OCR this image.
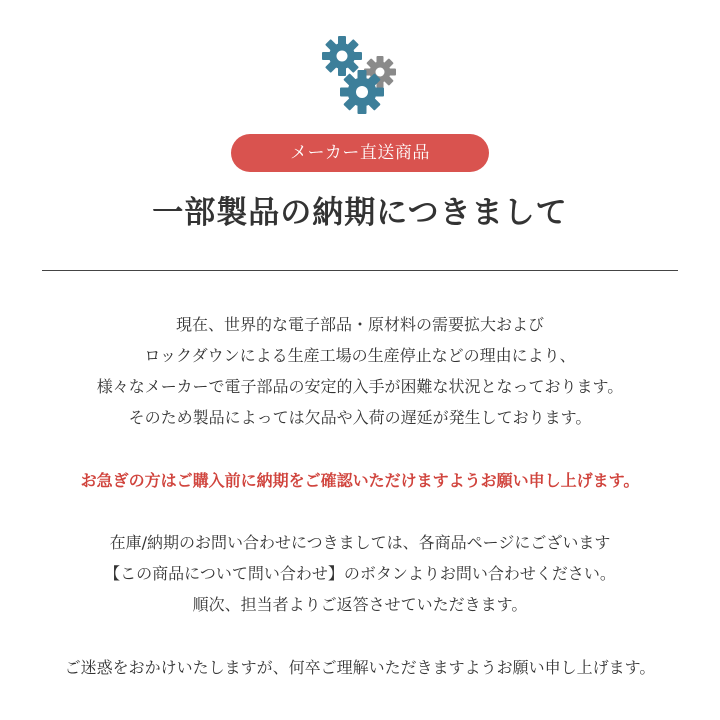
メーカー直送商品
一部製品の納期につきまして
現在、世界的な電子部品・原材料の需要拡大および
ロックダウンによる生産工場の生産停止などの理由により、
様々なメーカーで電子部品の安定的入手が困難な状況となっております。
そのため製品によっては欠品や入荷の遅延が発生しております。
お急ぎの方はご購入前に納期をご確認いただけますようお願い申し上げます。
在庫/納期のお問い合わせにつきましては、各商品ページにございます
【この商品について問い合わせ】のボタンよりお問い合わせください。
順次、担当者よりご返答させていただきます。
ご迷惑をおかけいたしますが、何卒ご理解いただきますようお願い申し上げます。
